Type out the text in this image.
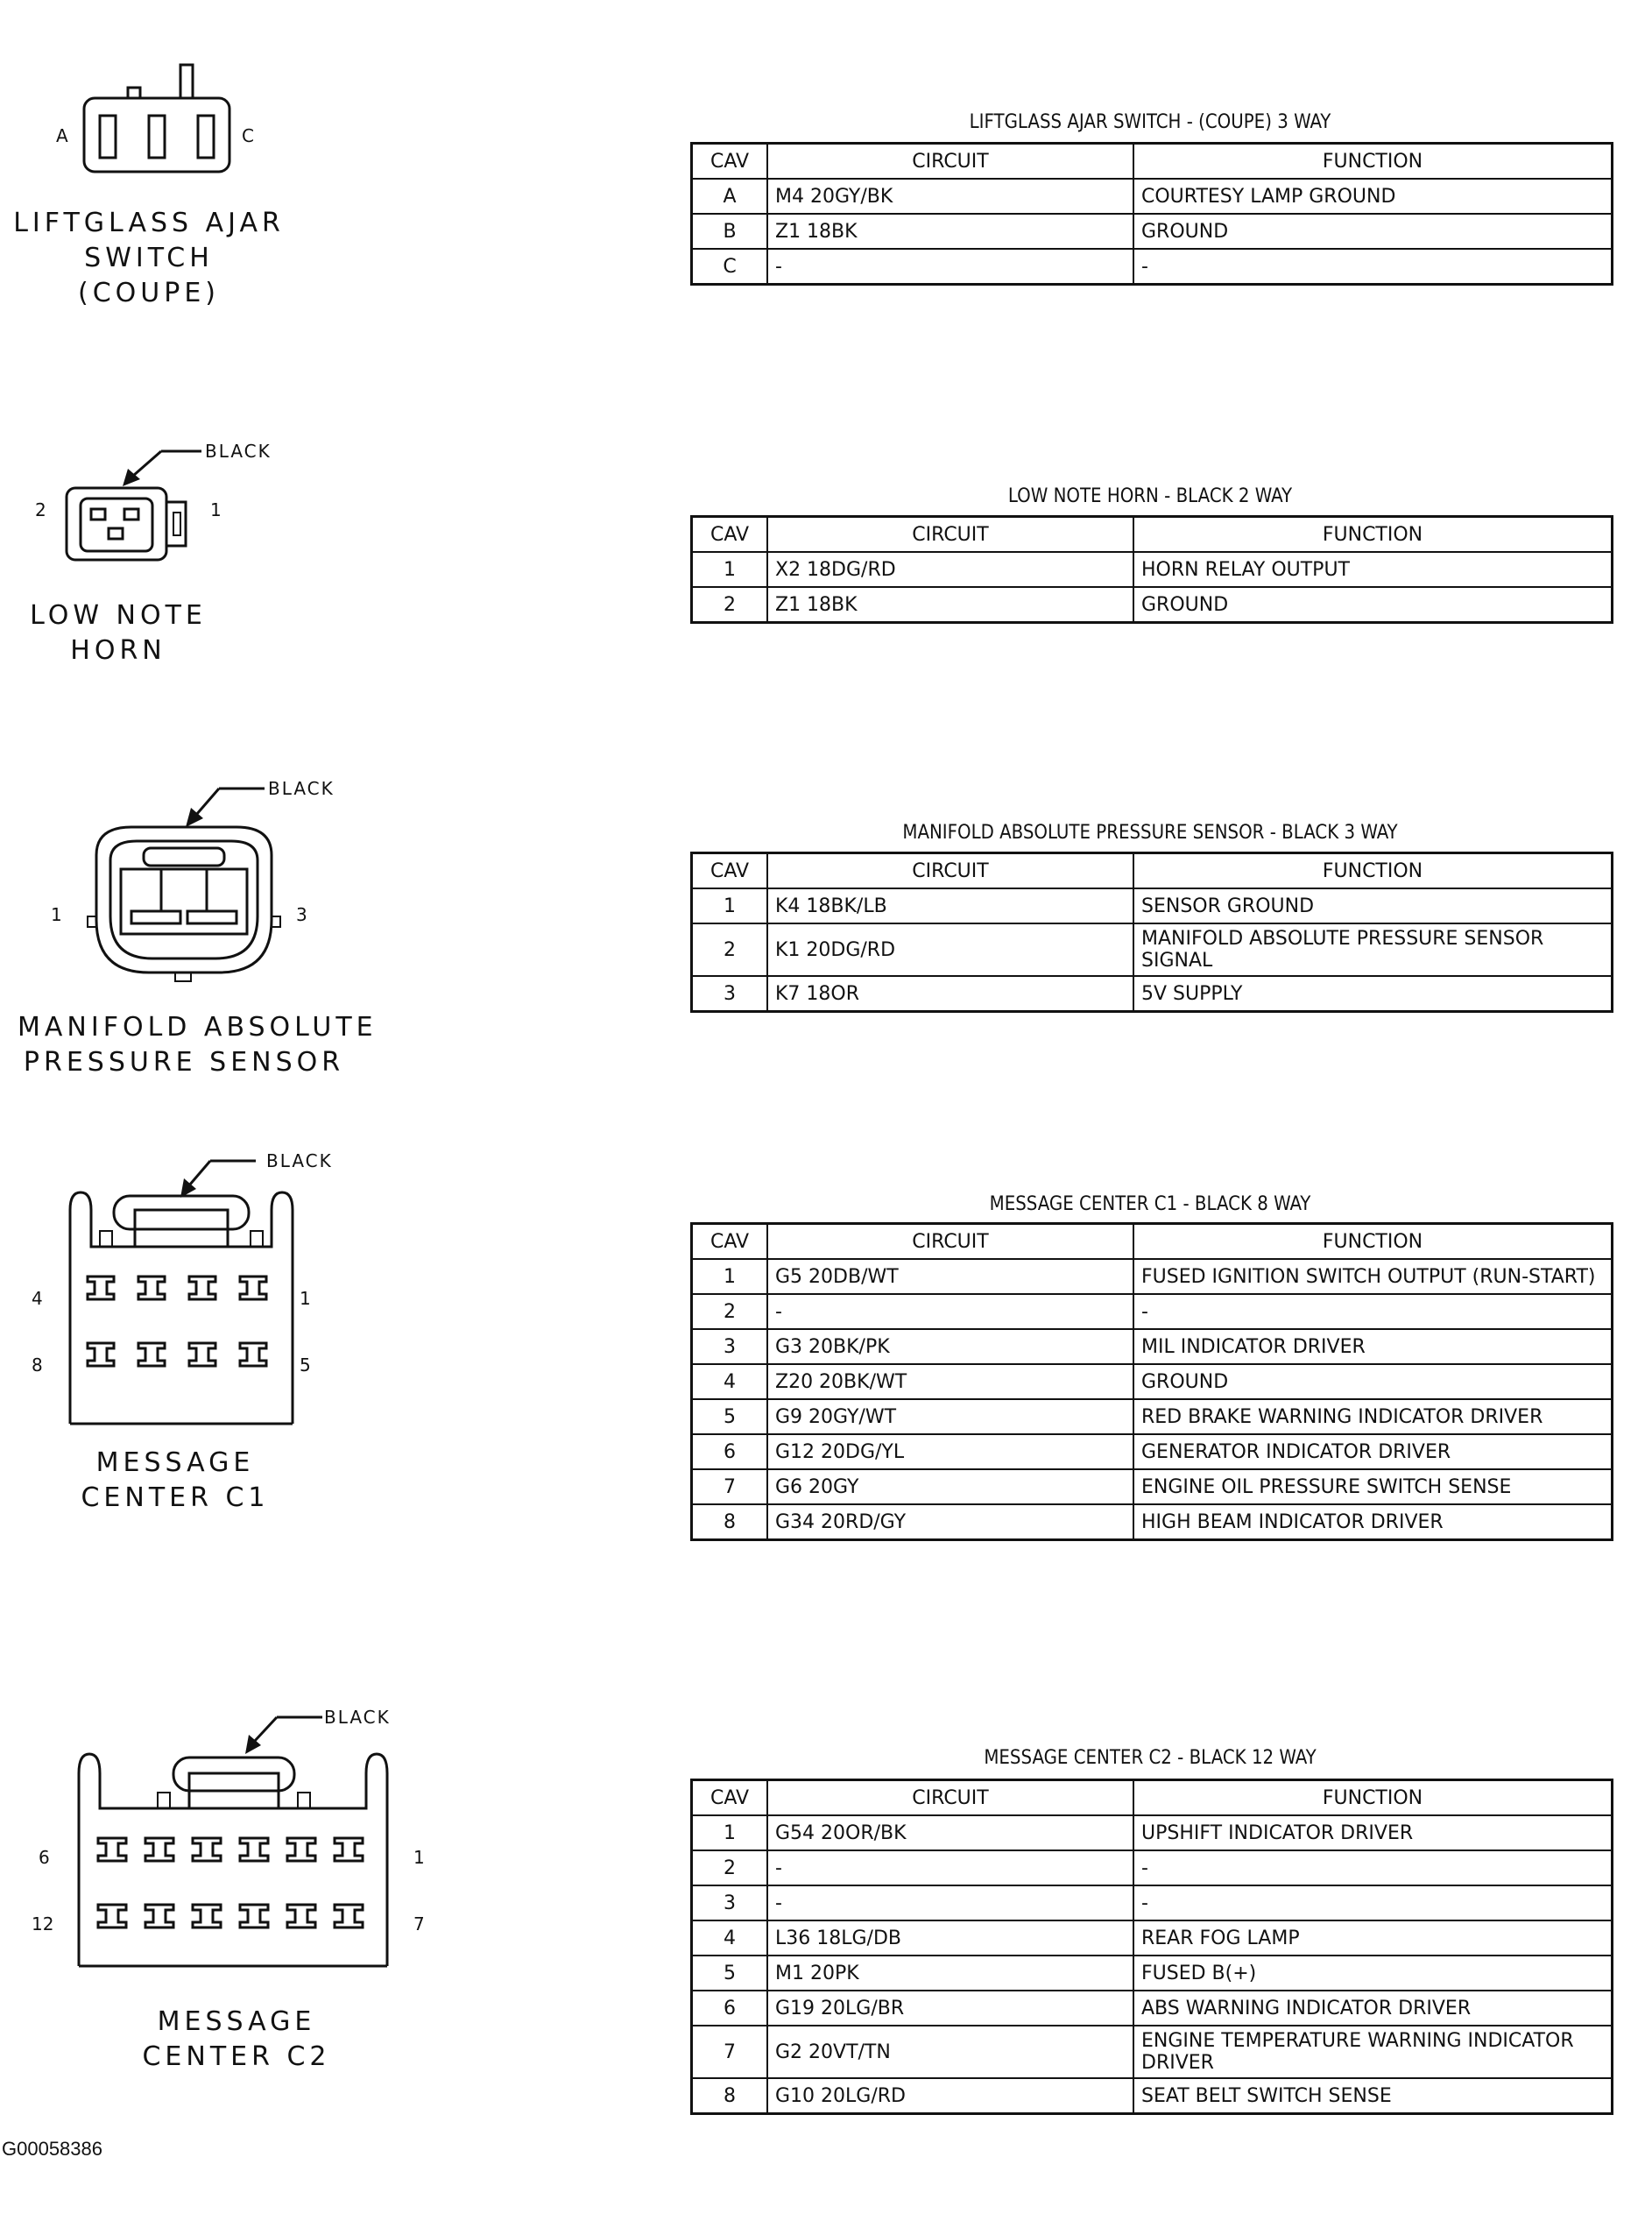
A	C
LIFTGLASS AJAR
SWITCH
(COUPE)
LIFTGLASS AJAR SWITCH - (COUPE) 3 WAY
CAV	CIRCUIT	FUNCTION
A	M4 20GY/BK	COURTESY LAMP GROUND
B	Z1 18BK	GROUND
C	-	-
BLACK
2	1
LOW NOTE
HORN
LOW NOTE HORN - BLACK 2 WAY
CAV	CIRCUIT	FUNCTION
1	X2 18DG/RD	HORN RELAY OUTPUT
2	Z1 18BK	GROUND
BLACK
1	3
MANIFOLD ABSOLUTE
PRESSURE SENSOR
MANIFOLD ABSOLUTE PRESSURE SENSOR - BLACK 3 WAY
CAV	CIRCUIT	FUNCTION
1	K4 18BK/LB	SENSOR GROUND
2	K1 20DG/RD	MANIFOLD ABSOLUTE PRESSURE SENSOR SIGNAL
3	K7 18OR	5V SUPPLY
BLACK
4	1
8	5
MESSAGE
CENTER C1
MESSAGE CENTER C1 - BLACK 8 WAY
CAV	CIRCUIT	FUNCTION
1	G5 20DB/WT	FUSED IGNITION SWITCH OUTPUT (RUN-START)
2	-	-
3	G3 20BK/PK	MIL INDICATOR DRIVER
4	Z20 20BK/WT	GROUND
5	G9 20GY/WT	RED BRAKE WARNING INDICATOR DRIVER
6	G12 20DG/YL	GENERATOR INDICATOR DRIVER
7	G6 20GY	ENGINE OIL PRESSURE SWITCH SENSE
8	G34 20RD/GY	HIGH BEAM INDICATOR DRIVER
BLACK
6	1
12	7
MESSAGE
CENTER C2
MESSAGE CENTER C2 - BLACK 12 WAY
CAV	CIRCUIT	FUNCTION
1	G54 20OR/BK	UPSHIFT INDICATOR DRIVER
2	-	-
3	-	-
4	L36 18LG/DB	REAR FOG LAMP
5	M1 20PK	FUSED B(+)
6	G19 20LG/BR	ABS WARNING INDICATOR DRIVER
7	G2 20VT/TN	ENGINE TEMPERATURE WARNING INDICATOR DRIVER
8	G10 20LG/RD	SEAT BELT SWITCH SENSE
G00058386
